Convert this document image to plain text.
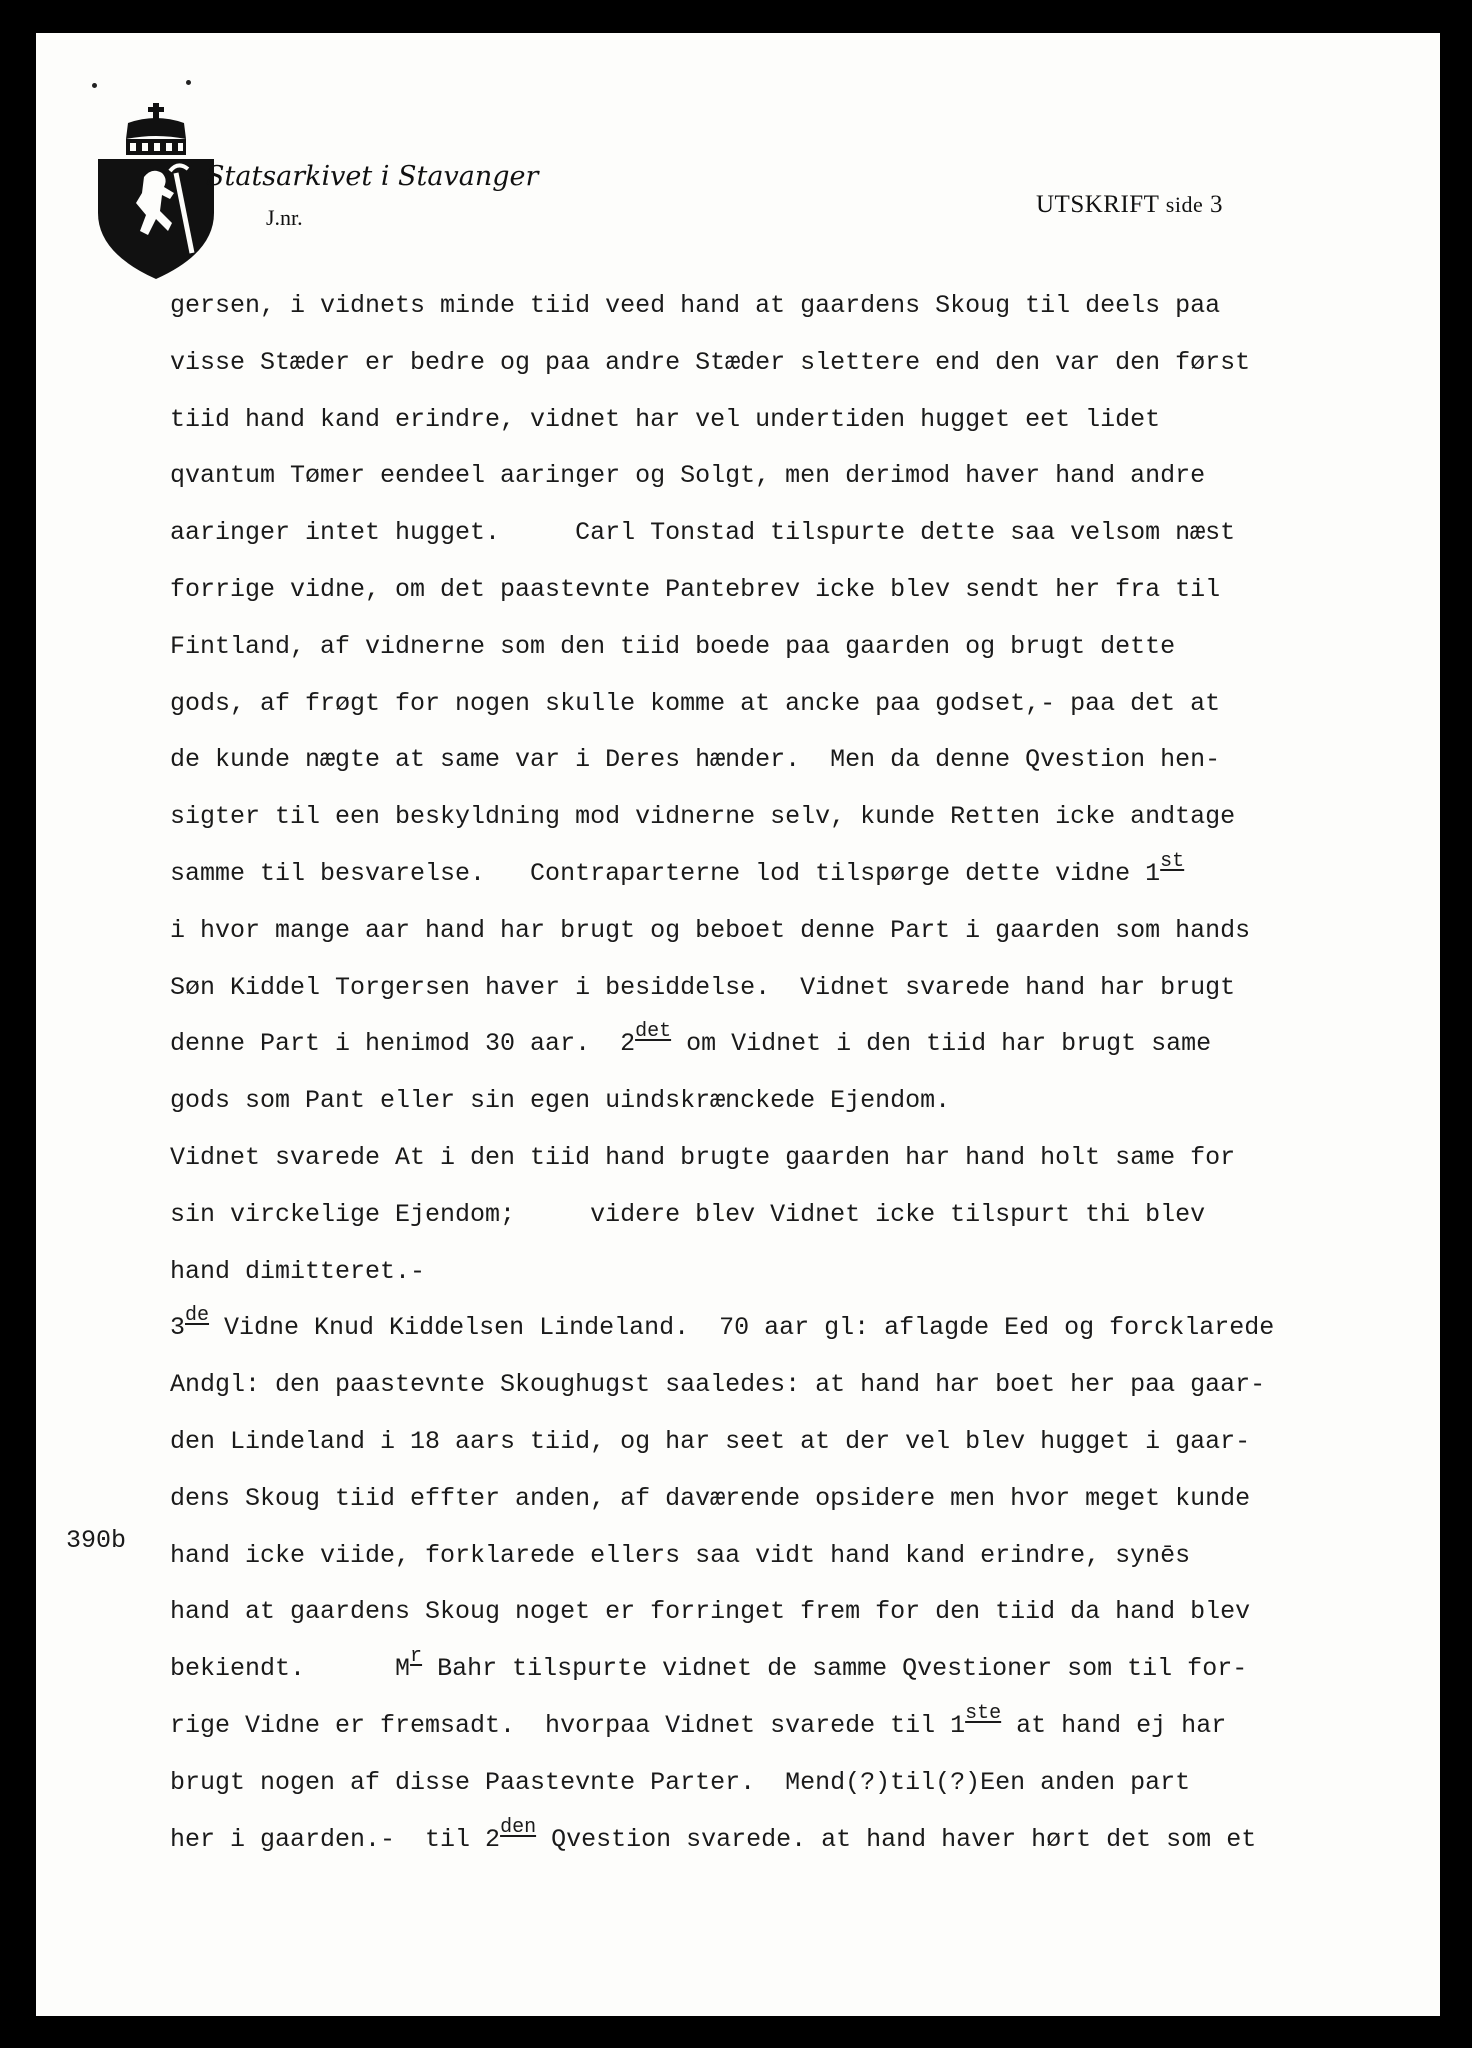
Statsarkivet i Stavanger
J.nr.	UTSKRIFT side 3
390b
gersen, i vidnets minde tiid veed hand at gaardens Skoug til deels paa
visse Stæder er bedre og paa andre Stæder slettere end den var den først
tiid hand kand erindre, vidnet har vel undertiden hugget eet lidet
qvantum Tømer eendeel aaringer og Solgt, men derimod haver hand andre
aaringer intet hugget.     Carl Tonstad tilspurte dette saa velsom næst
forrige vidne, om det paastevnte Pantebrev icke blev sendt her fra til
Fintland, af vidnerne som den tiid boede paa gaarden og brugt dette
gods, af frøgt for nogen skulle komme at ancke paa godset,- paa det at
de kunde nægte at same var i Deres hænder.  Men da denne Qvestion hen-
sigter til een beskyldning mod vidnerne selv, kunde Retten icke andtage
samme til besvarelse.   Contraparterne lod tilspørge dette vidne 1st
i hvor mange aar hand har brugt og beboet denne Part i gaarden som hands
Søn Kiddel Torgersen haver i besiddelse.  Vidnet svarede hand har brugt
denne Part i henimod 30 aar.  2det om Vidnet i den tiid har brugt same
gods som Pant eller sin egen uindskrænckede Ejendom.
Vidnet svarede At i den tiid hand brugte gaarden har hand holt same for
sin virckelige Ejendom;     videre blev Vidnet icke tilspurt thi blev
hand dimitteret.-
3de Vidne Knud Kiddelsen Lindeland.  70 aar gl: aflagde Eed og forcklarede
Andgl: den paastevnte Skoughugst saaledes: at hand har boet her paa gaar-
den Lindeland i 18 aars tiid, og har seet at der vel blev hugget i gaar-
dens Skoug tiid effter anden, af daværende opsidere men hvor meget kunde
hand icke viide, forklarede ellers saa vidt hand kand erindre, synēs
hand at gaardens Skoug noget er forringet frem for den tiid da hand blev
bekiendt.      Mr Bahr tilspurte vidnet de samme Qvestioner som til for-
rige Vidne er fremsadt.  hvorpaa Vidnet svarede til 1ste at hand ej har
brugt nogen af disse Paastevnte Parter.  Mend(?)til(?)Een anden part
her i gaarden.-  til 2den Qvestion svarede. at hand haver hørt det som et
